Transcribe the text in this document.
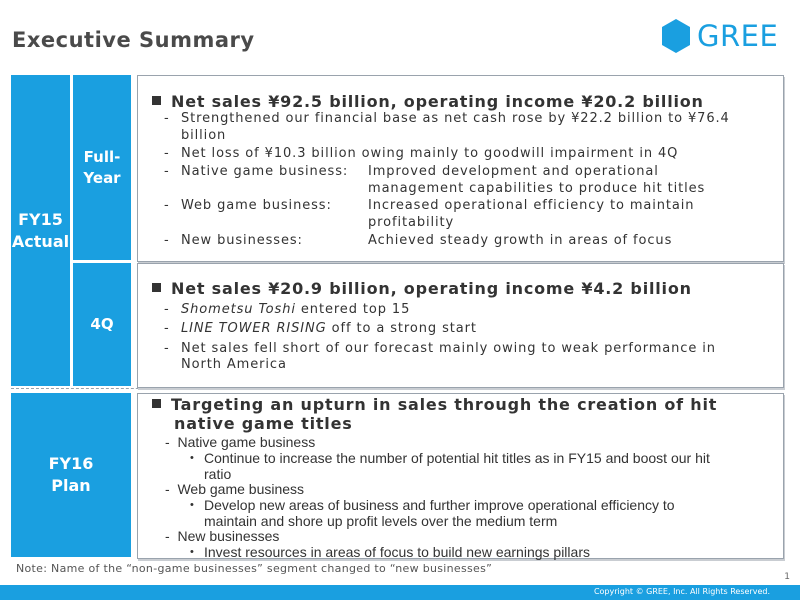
Executive Summary	GREE
FY15
Actual
Full-
Year
4Q
FY16
Plan
Net sales ¥92.5 billion, operating income ¥20.2 billion
- Strengthened our financial base as net cash rose by ¥22.2 billion to ¥76.4
billion
- Net loss of ¥10.3 billion owing mainly to goodwill impairment in 4Q
- Native game business: Improved development and operational
management capabilities to produce hit titles
- Web game business:	Increased operational efficiency to maintain
profitability
- New businesses:	Achieved steady growth in areas of focus
Net sales ¥20.9 billion, operating income ¥4.2 billion
- Shometsu Toshi entered top 15
- LINE TOWER RISING off to a strong start
- Net sales fell short of our forecast mainly owing to weak performance in
North America
Targeting an upturn in sales through the creation of hit
native game titles
-  Native game business
• Continue to increase the number of potential hit titles as in FY15 and boost our hit
ratio
-  Web game business
• Develop new areas of business and further improve operational efficiency to
maintain and shore up profit levels over the medium term
-  New businesses
• Invest resources in areas of focus to build new earnings pillars
Note: Name of the “non-game businesses” segment changed to “new businesses”
1
Copyright © GREE, Inc. All Rights Reserved.
